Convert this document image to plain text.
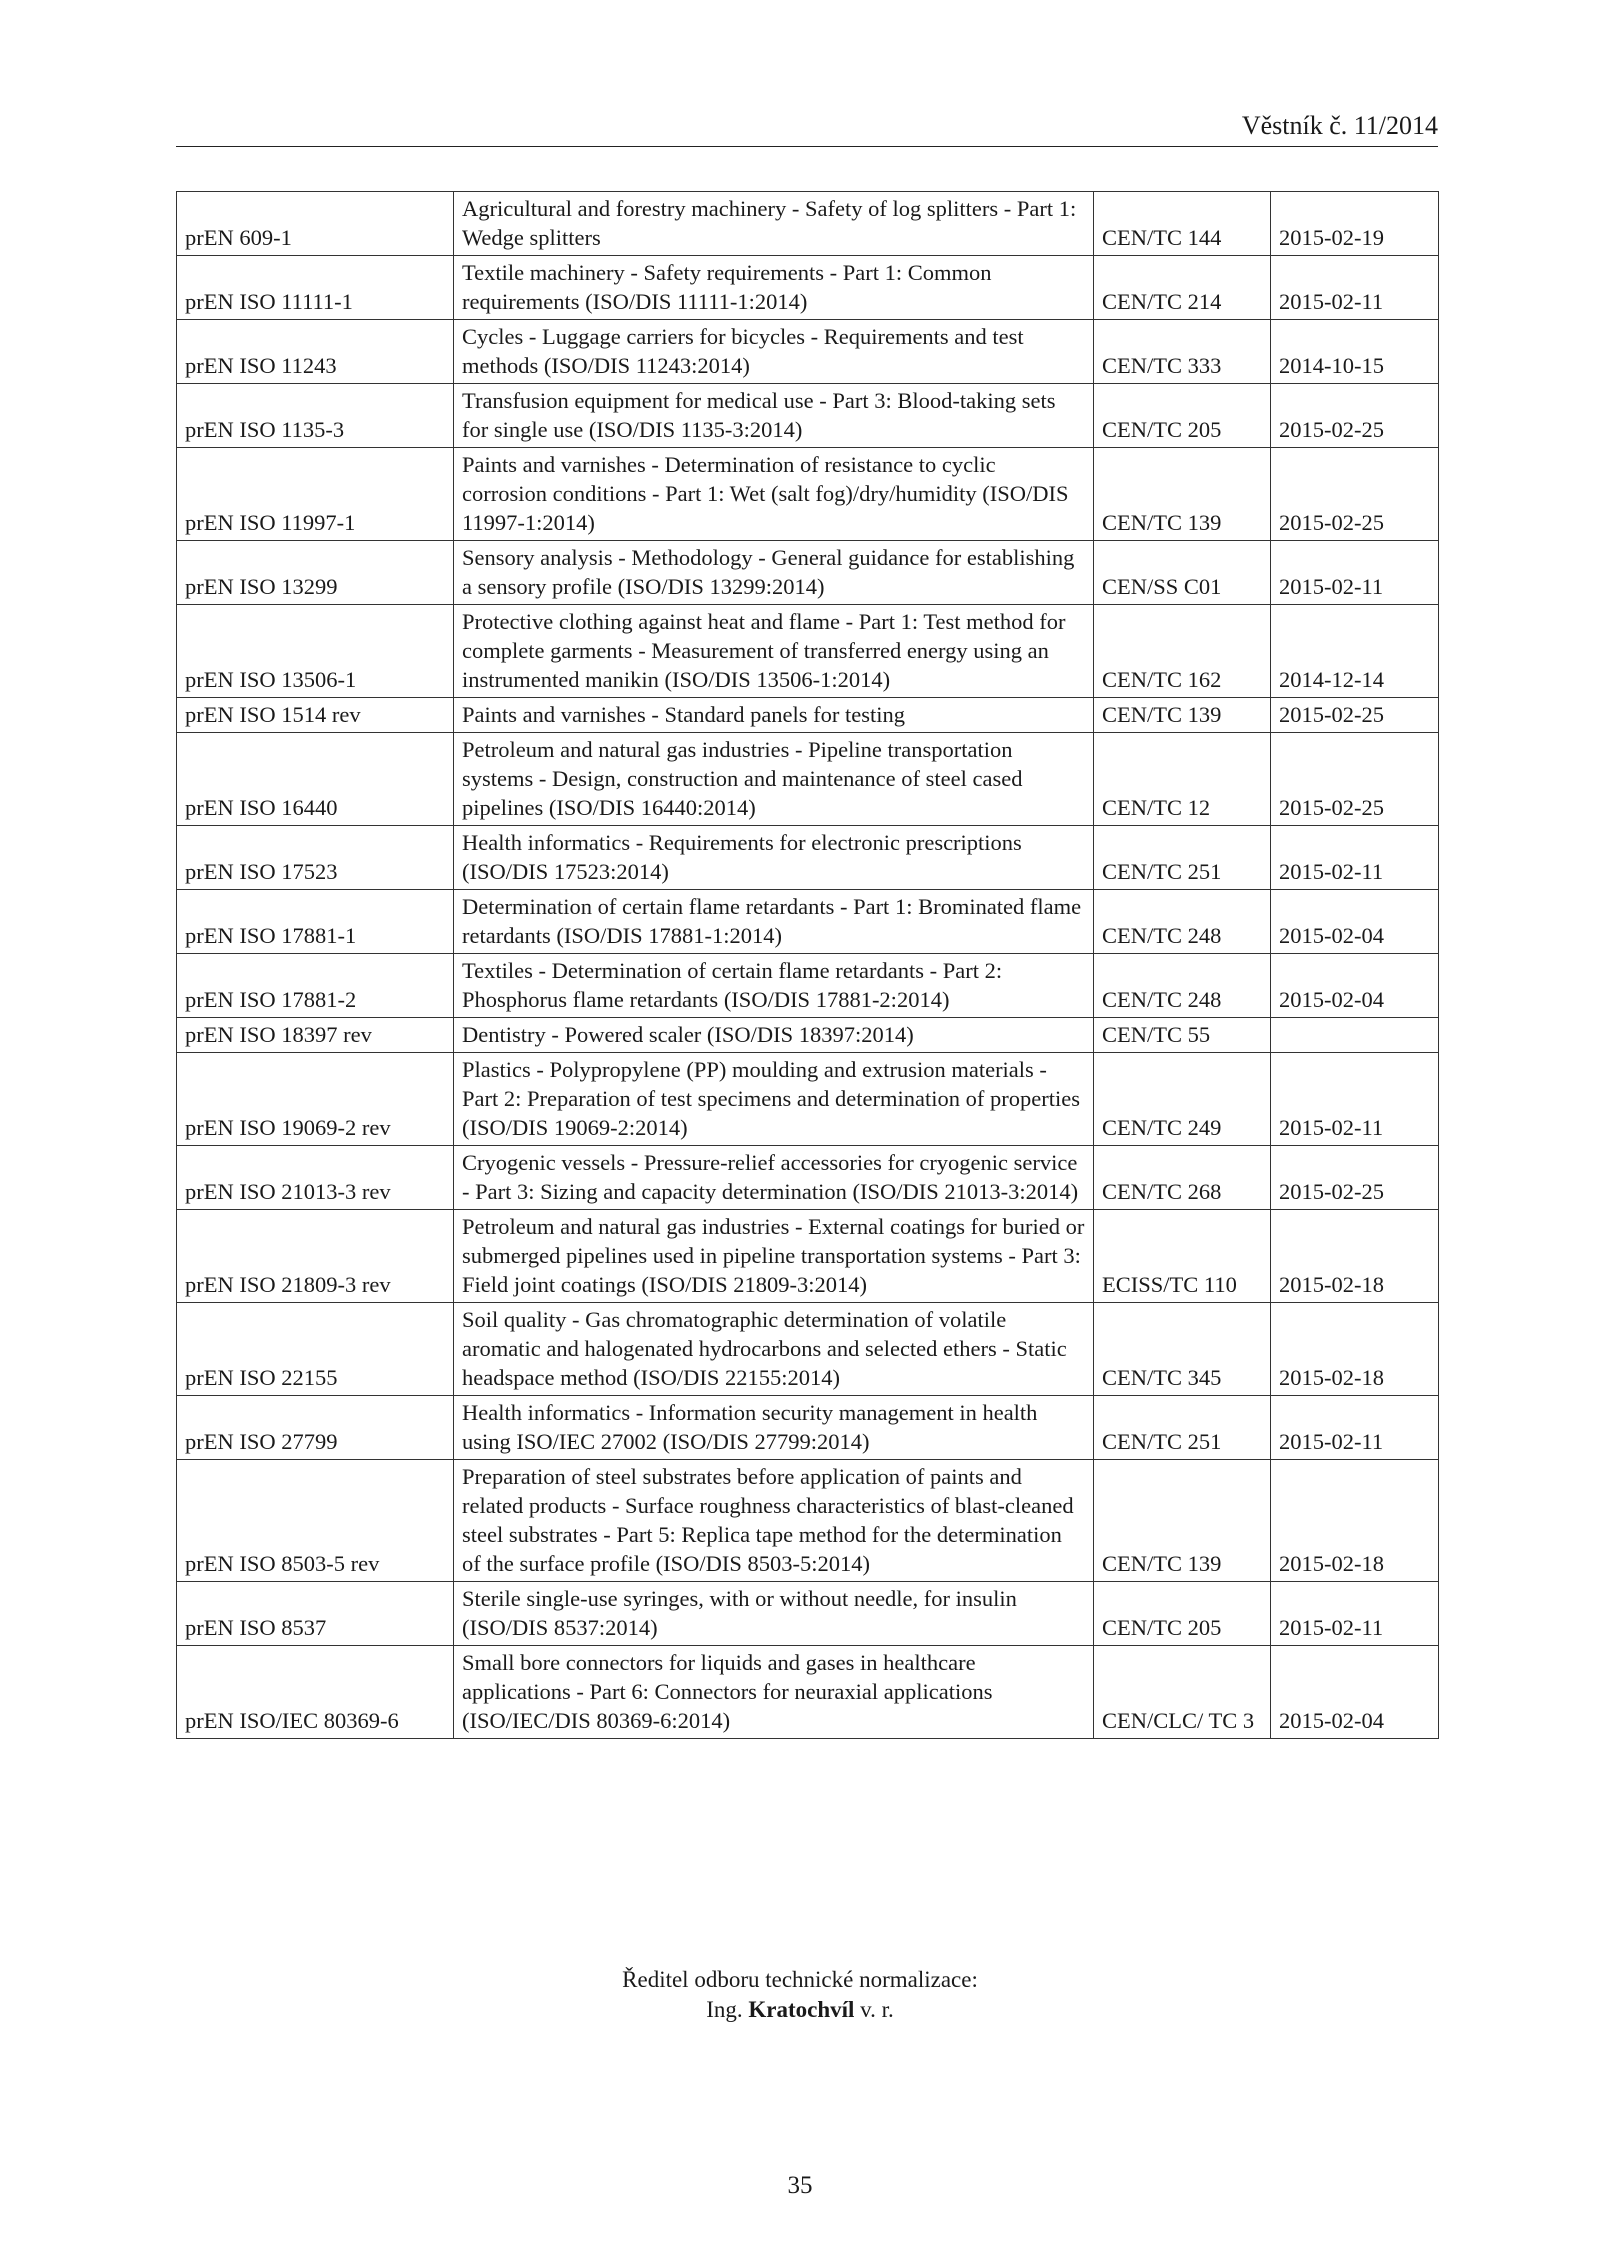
Věstník č. 11/2014
prEN 609-1	Agricultural and forestry machinery - Safety of log splitters - Part 1: Wedge splitters	CEN/TC 144	2015-02-19
prEN ISO 11111-1	Textile machinery - Safety requirements - Part 1: Common requirements (ISO/DIS 11111-1:2014)	CEN/TC 214	2015-02-11
prEN ISO 11243	Cycles - Luggage carriers for bicycles - Requirements and test methods (ISO/DIS 11243:2014)	CEN/TC 333	2014-10-15
prEN ISO 1135-3	Transfusion equipment for medical use - Part 3: Blood-taking sets for single use (ISO/DIS 1135-3:2014)	CEN/TC 205	2015-02-25
prEN ISO 11997-1	Paints and varnishes - Determination of resistance to cyclic corrosion conditions - Part 1: Wet (salt fog)/dry/humidity (ISO/DIS 11997-1:2014)	CEN/TC 139	2015-02-25
prEN ISO 13299	Sensory analysis - Methodology - General guidance for establishing a sensory profile (ISO/DIS 13299:2014)	CEN/SS C01	2015-02-11
prEN ISO 13506-1	Protective clothing against heat and flame - Part 1: Test method for complete garments - Measurement of transferred energy using an instrumented manikin (ISO/DIS 13506-1:2014)	CEN/TC 162	2014-12-14
prEN ISO 1514 rev	Paints and varnishes - Standard panels for testing	CEN/TC 139	2015-02-25
prEN ISO 16440	Petroleum and natural gas industries - Pipeline transportation systems - Design, construction and maintenance of steel cased pipelines (ISO/DIS 16440:2014)	CEN/TC 12	2015-02-25
prEN ISO 17523	Health informatics - Requirements for electronic prescriptions (ISO/DIS 17523:2014)	CEN/TC 251	2015-02-11
prEN ISO 17881-1	Determination of certain flame retardants - Part 1: Brominated flame retardants (ISO/DIS 17881-1:2014)	CEN/TC 248	2015-02-04
prEN ISO 17881-2	Textiles - Determination of certain flame retardants - Part 2: Phosphorus flame retardants (ISO/DIS 17881-2:2014)	CEN/TC 248	2015-02-04
prEN ISO 18397 rev	Dentistry - Powered scaler (ISO/DIS 18397:2014)	CEN/TC 55	
prEN ISO 19069-2 rev	Plastics - Polypropylene (PP) moulding and extrusion materials - Part 2: Preparation of test specimens and determination of properties (ISO/DIS 19069-2:2014)	CEN/TC 249	2015-02-11
prEN ISO 21013-3 rev	Cryogenic vessels - Pressure-relief accessories for cryogenic service - Part 3: Sizing and capacity determination (ISO/DIS 21013-3:2014)	CEN/TC 268	2015-02-25
prEN ISO 21809-3 rev	Petroleum and natural gas industries - External coatings for buried or submerged pipelines used in pipeline transportation systems - Part 3: Field joint coatings (ISO/DIS 21809-3:2014)	ECISS/TC 110	2015-02-18
prEN ISO 22155	Soil quality - Gas chromatographic determination of volatile aromatic and halogenated hydrocarbons and selected ethers - Static headspace method (ISO/DIS 22155:2014)	CEN/TC 345	2015-02-18
prEN ISO 27799	Health informatics - Information security management in health using ISO/IEC 27002 (ISO/DIS 27799:2014)	CEN/TC 251	2015-02-11
prEN ISO 8503-5 rev	Preparation of steel substrates before application of paints and related products - Surface roughness characteristics of blast-cleaned steel substrates - Part 5: Replica tape method for the determination of the surface profile (ISO/DIS 8503-5:2014)	CEN/TC 139	2015-02-18
prEN ISO 8537	Sterile single-use syringes, with or without needle, for insulin (ISO/DIS 8537:2014)	CEN/TC 205	2015-02-11
prEN ISO/IEC 80369-6	Small bore connectors for liquids and gases in healthcare applications - Part 6: Connectors for neuraxial applications (ISO/IEC/DIS 80369-6:2014)	CEN/CLC/ TC 3	2015-02-04
Ředitel odboru technické normalizace:
Ing. Kratochvíl v. r.
35
